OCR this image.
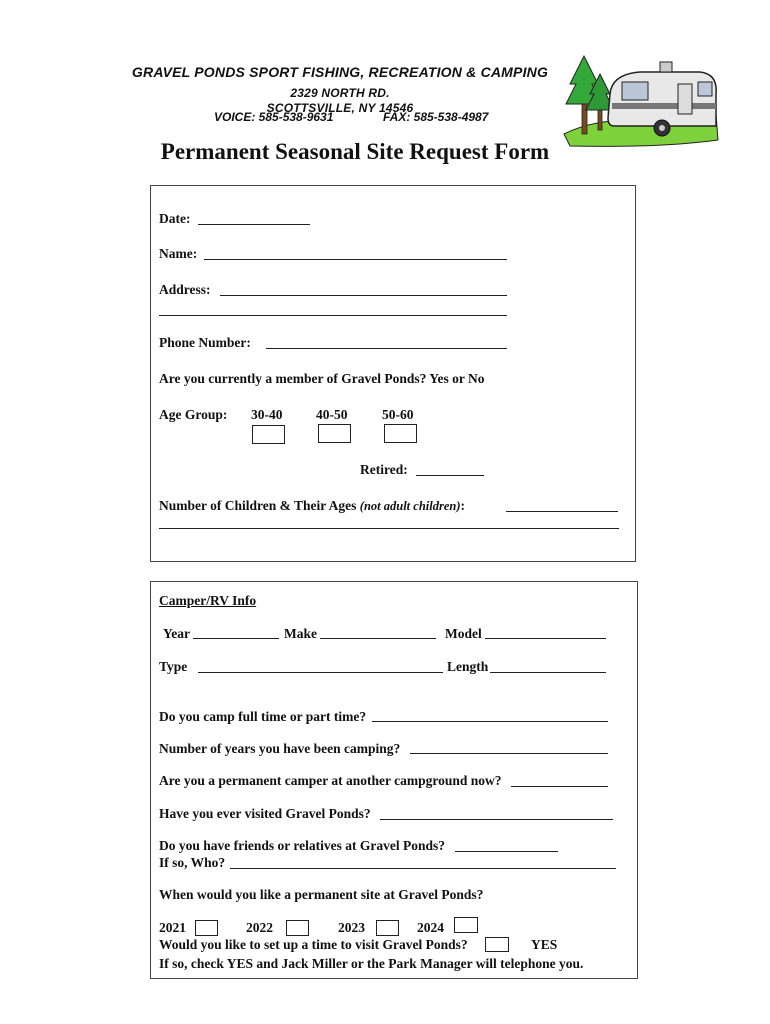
GRAVEL PONDS SPORT FISHING, RECREATION & CAMPING
2329 NORTH RD.
SCOTTSVILLE, NY 14546
VOICE: 585-538-9631	FAX: 585-538-4987
Permanent Seasonal Site Request Form
Date:
Name:
Address:
Phone Number:
Are you currently a member of Gravel Ponds? Yes or No
Age Group: 30-40 40-50	50-60
Retired:
Number of Children & Their Ages (not adult children):
Camper/RV Info
Year	Make	Model
Type	Length
Do you camp full time or part time?
Number of years you have been camping?
Are you a permanent camper at another campground now?
Have you ever visited Gravel Ponds?
Do you have friends or relatives at Gravel Ponds?
If so, Who?
When would you like a permanent site at Gravel Ponds?
2021	2022	2023	2024
Would you like to set up a time to visit Gravel Ponds?	YES
If so, check YES and Jack Miller or the Park Manager will telephone you.
